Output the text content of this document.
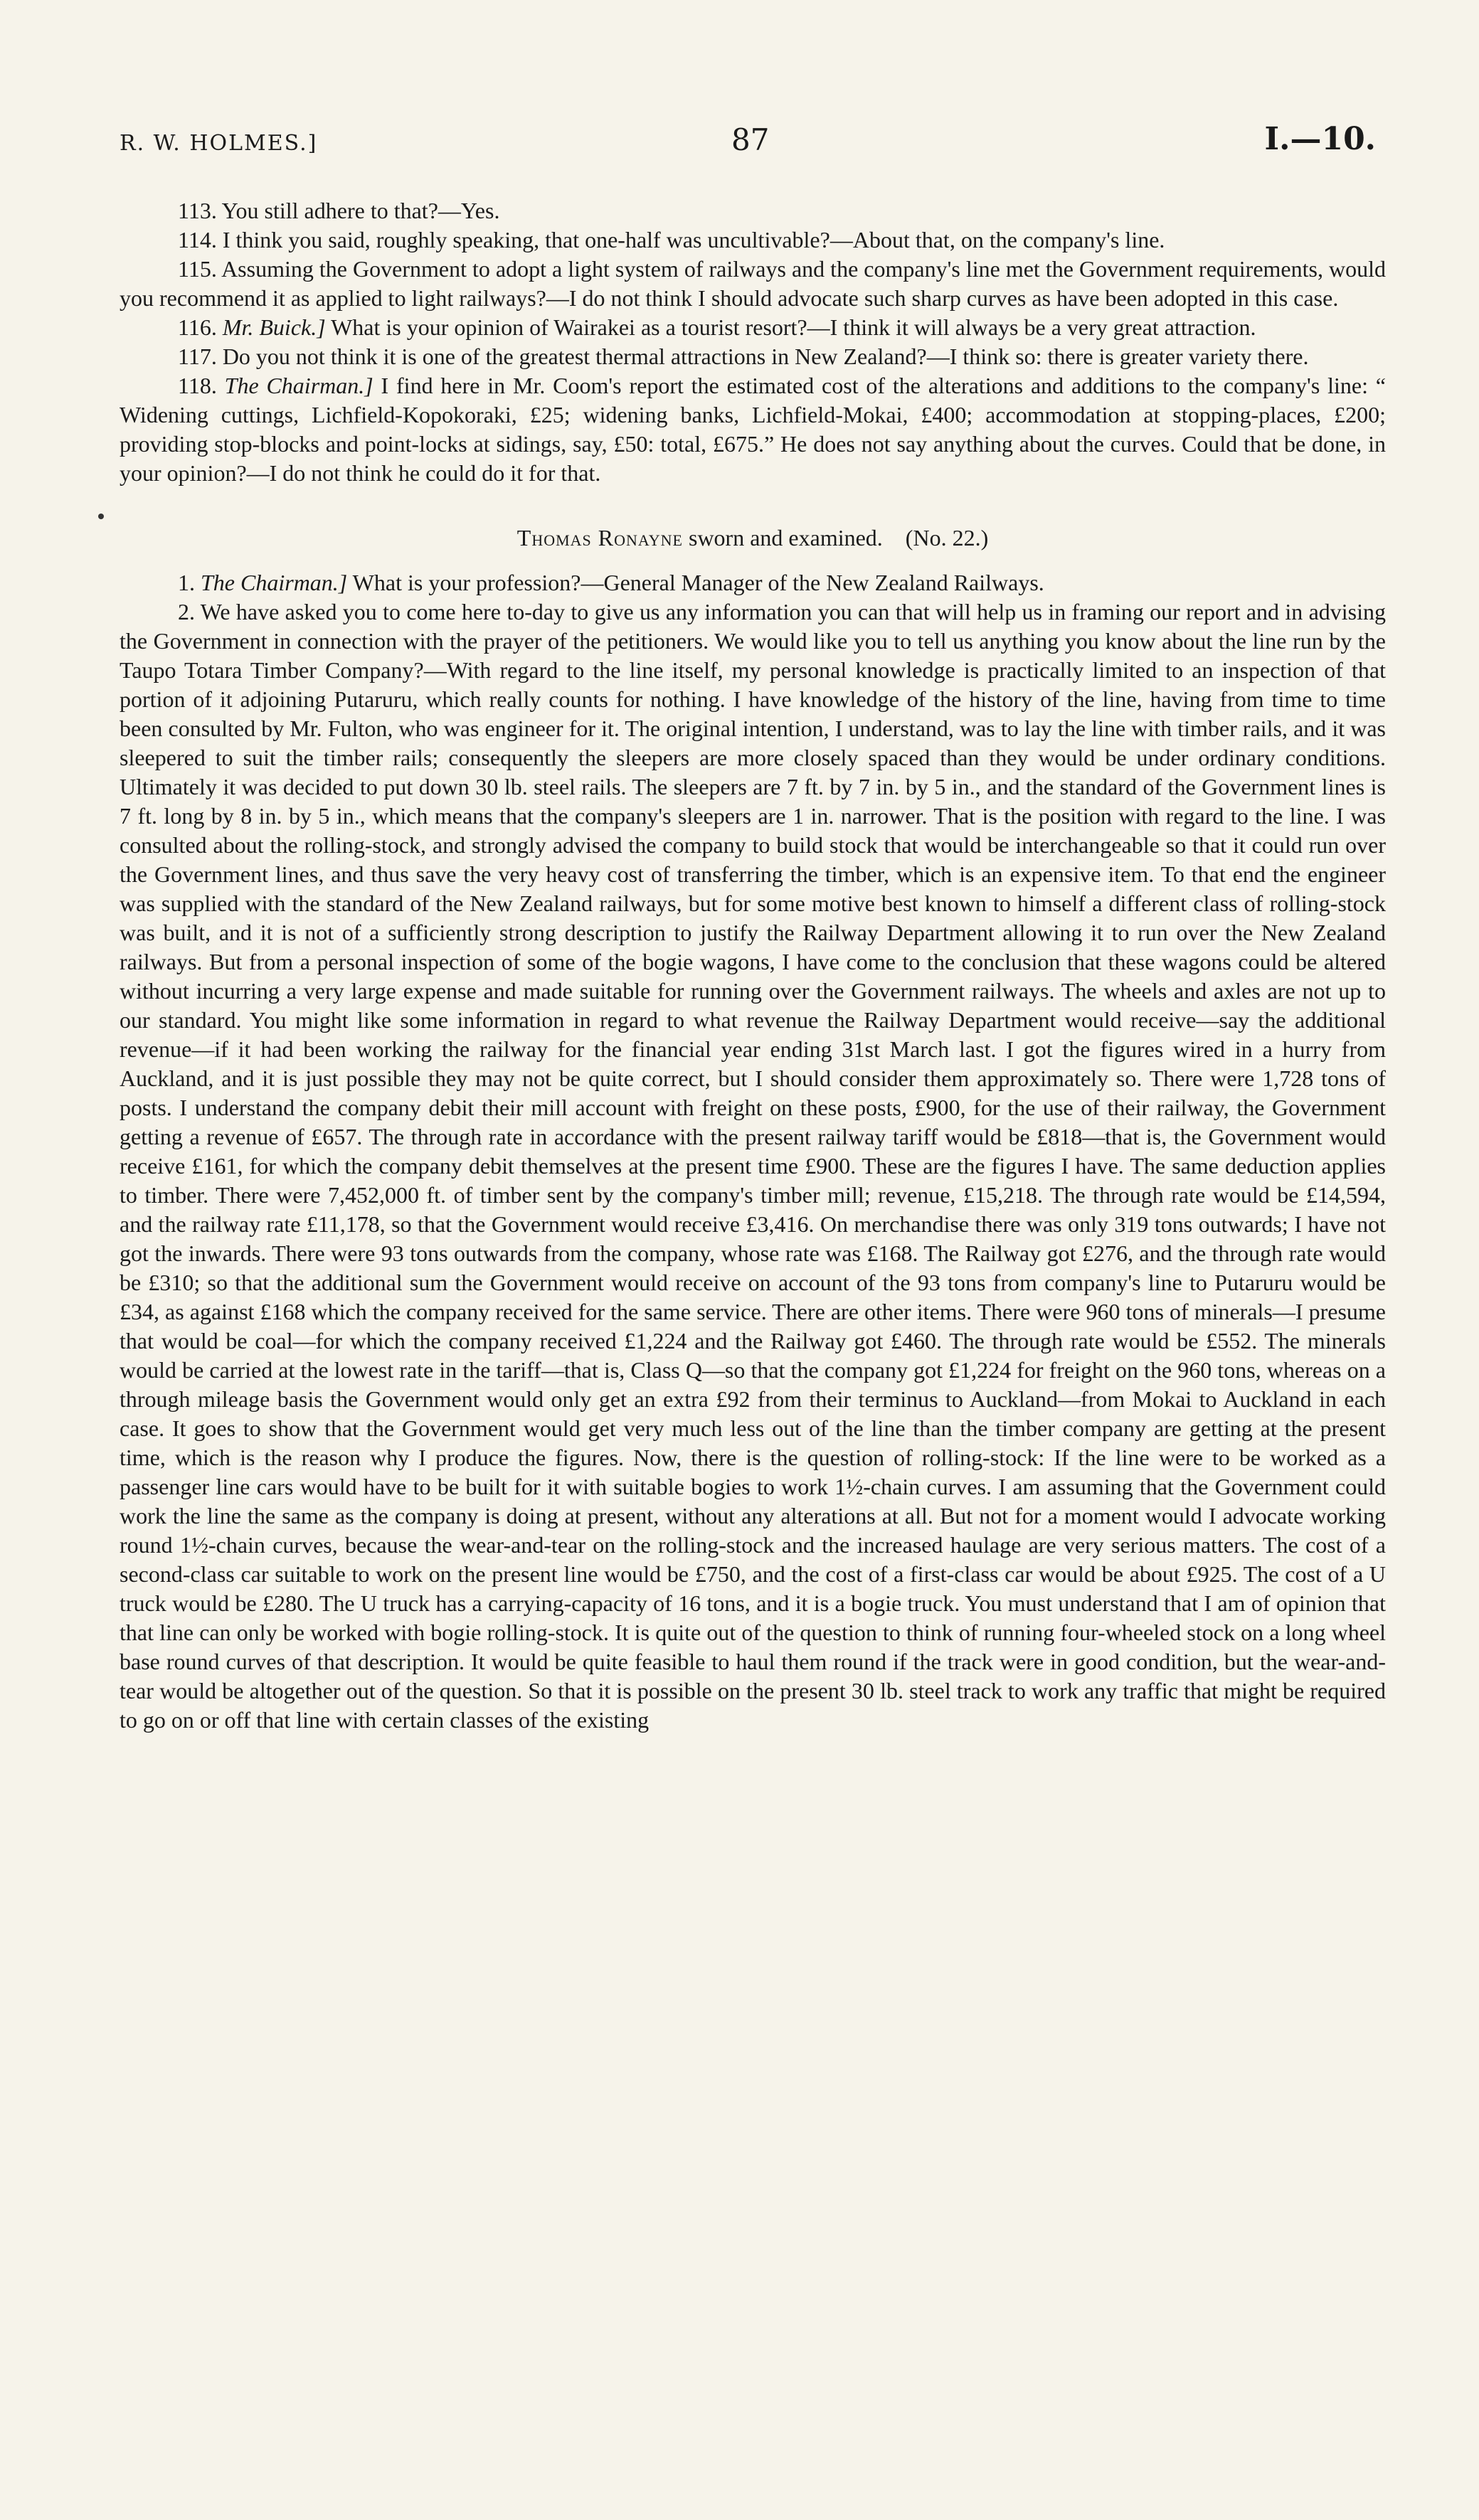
R. W. HOLMES.]	87	I.—10.

113. You still adhere to that?—Yes.

114. I think you said, roughly speaking, that one-half was uncultivable?—About that, on the company's line.

115. Assuming the Government to adopt a light system of railways and the company's line met the Government requirements, would you recommend it as applied to light railways?—I do not think I should advocate such sharp curves as have been adopted in this case.

116. Mr. Buick.] What is your opinion of Wairakei as a tourist resort?—I think it will always be a very great attraction.

117. Do you not think it is one of the greatest thermal attractions in New Zealand?—I think so: there is greater variety there.

118. The Chairman.] I find here in Mr. Coom's report the estimated cost of the alterations and additions to the company's line: “ Widening cuttings, Lichfield-Kopokoraki, £25; widening banks, Lichfield-Mokai, £400; accommodation at stopping-places, £200; providing stop-blocks and point-locks at sidings, say, £50: total, £675.” He does not say anything about the curves. Could that be done, in your opinion?—I do not think he could do it for that.

Thomas Ronayne sworn and examined. (No. 22.)

1. The Chairman.] What is your profession?—General Manager of the New Zealand Railways.

2. We have asked you to come here to-day to give us any information you can that will help us in framing our report and in advising the Government in connection with the prayer of the petitioners. We would like you to tell us anything you know about the line run by the Taupo Totara Timber Company?—With regard to the line itself, my personal knowledge is practically limited to an inspection of that portion of it adjoining Putaruru, which really counts for nothing. I have knowledge of the history of the line, having from time to time been consulted by Mr. Fulton, who was engineer for it. The original intention, I understand, was to lay the line with timber rails, and it was sleepered to suit the timber rails; consequently the sleepers are more closely spaced than they would be under ordinary conditions. Ultimately it was decided to put down 30 lb. steel rails. The sleepers are 7 ft. by 7 in. by 5 in., and the standard of the Government lines is 7 ft. long by 8 in. by 5 in., which means that the company's sleepers are 1 in. narrower. That is the position with regard to the line. I was consulted about the rolling-stock, and strongly advised the company to build stock that would be interchangeable so that it could run over the Government lines, and thus save the very heavy cost of transferring the timber, which is an expensive item. To that end the engineer was supplied with the standard of the New Zealand railways, but for some motive best known to himself a different class of rolling-stock was built, and it is not of a sufficiently strong description to justify the Railway Department allowing it to run over the New Zealand railways. But from a personal inspection of some of the bogie wagons, I have come to the conclusion that these wagons could be altered without incurring a very large expense and made suitable for running over the Government railways. The wheels and axles are not up to our standard. You might like some information in regard to what revenue the Railway Department would receive—say the additional revenue—if it had been working the railway for the financial year ending 31st March last. I got the figures wired in a hurry from Auckland, and it is just possible they may not be quite correct, but I should consider them approximately so. There were 1,728 tons of posts. I understand the company debit their mill account with freight on these posts, £900, for the use of their railway, the Government getting a revenue of £657. The through rate in accordance with the present railway tariff would be £818—that is, the Government would receive £161, for which the company debit themselves at the present time £900. These are the figures I have. The same deduction applies to timber. There were 7,452,000 ft. of timber sent by the company's timber mill; revenue, £15,218. The through rate would be £14,594, and the railway rate £11,178, so that the Government would receive £3,416. On merchandise there was only 319 tons outwards; I have not got the inwards. There were 93 tons outwards from the company, whose rate was £168. The Railway got £276, and the through rate would be £310; so that the additional sum the Government would receive on account of the 93 tons from company's line to Putaruru would be £34, as against £168 which the company received for the same service. There are other items. There were 960 tons of minerals—I presume that would be coal—for which the company received £1,224 and the Railway got £460. The through rate would be £552. The minerals would be carried at the lowest rate in the tariff—that is, Class Q—so that the company got £1,224 for freight on the 960 tons, whereas on a through mileage basis the Government would only get an extra £92 from their terminus to Auckland—from Mokai to Auckland in each case. It goes to show that the Government would get very much less out of the line than the timber company are getting at the present time, which is the reason why I produce the figures. Now, there is the question of rolling-stock: If the line were to be worked as a passenger line cars would have to be built for it with suitable bogies to work 1½-chain curves. I am assuming that the Government could work the line the same as the company is doing at present, without any alterations at all. But not for a moment would I advocate working round 1½-chain curves, because the wear-and-tear on the rolling-stock and the increased haulage are very serious matters. The cost of a second-class car suitable to work on the present line would be £750, and the cost of a first-class car would be about £925. The cost of a U truck would be £280. The U truck has a carrying-capacity of 16 tons, and it is a bogie truck. You must understand that I am of opinion that that line can only be worked with bogie rolling-stock. It is quite out of the question to think of running four-wheeled stock on a long wheel base round curves of that description. It would be quite feasible to haul them round if the track were in good condition, but the wear-and-tear would be altogether out of the question. So that it is possible on the present 30 lb. steel track to work any traffic that might be required to go on or off that line with certain classes of the existing
